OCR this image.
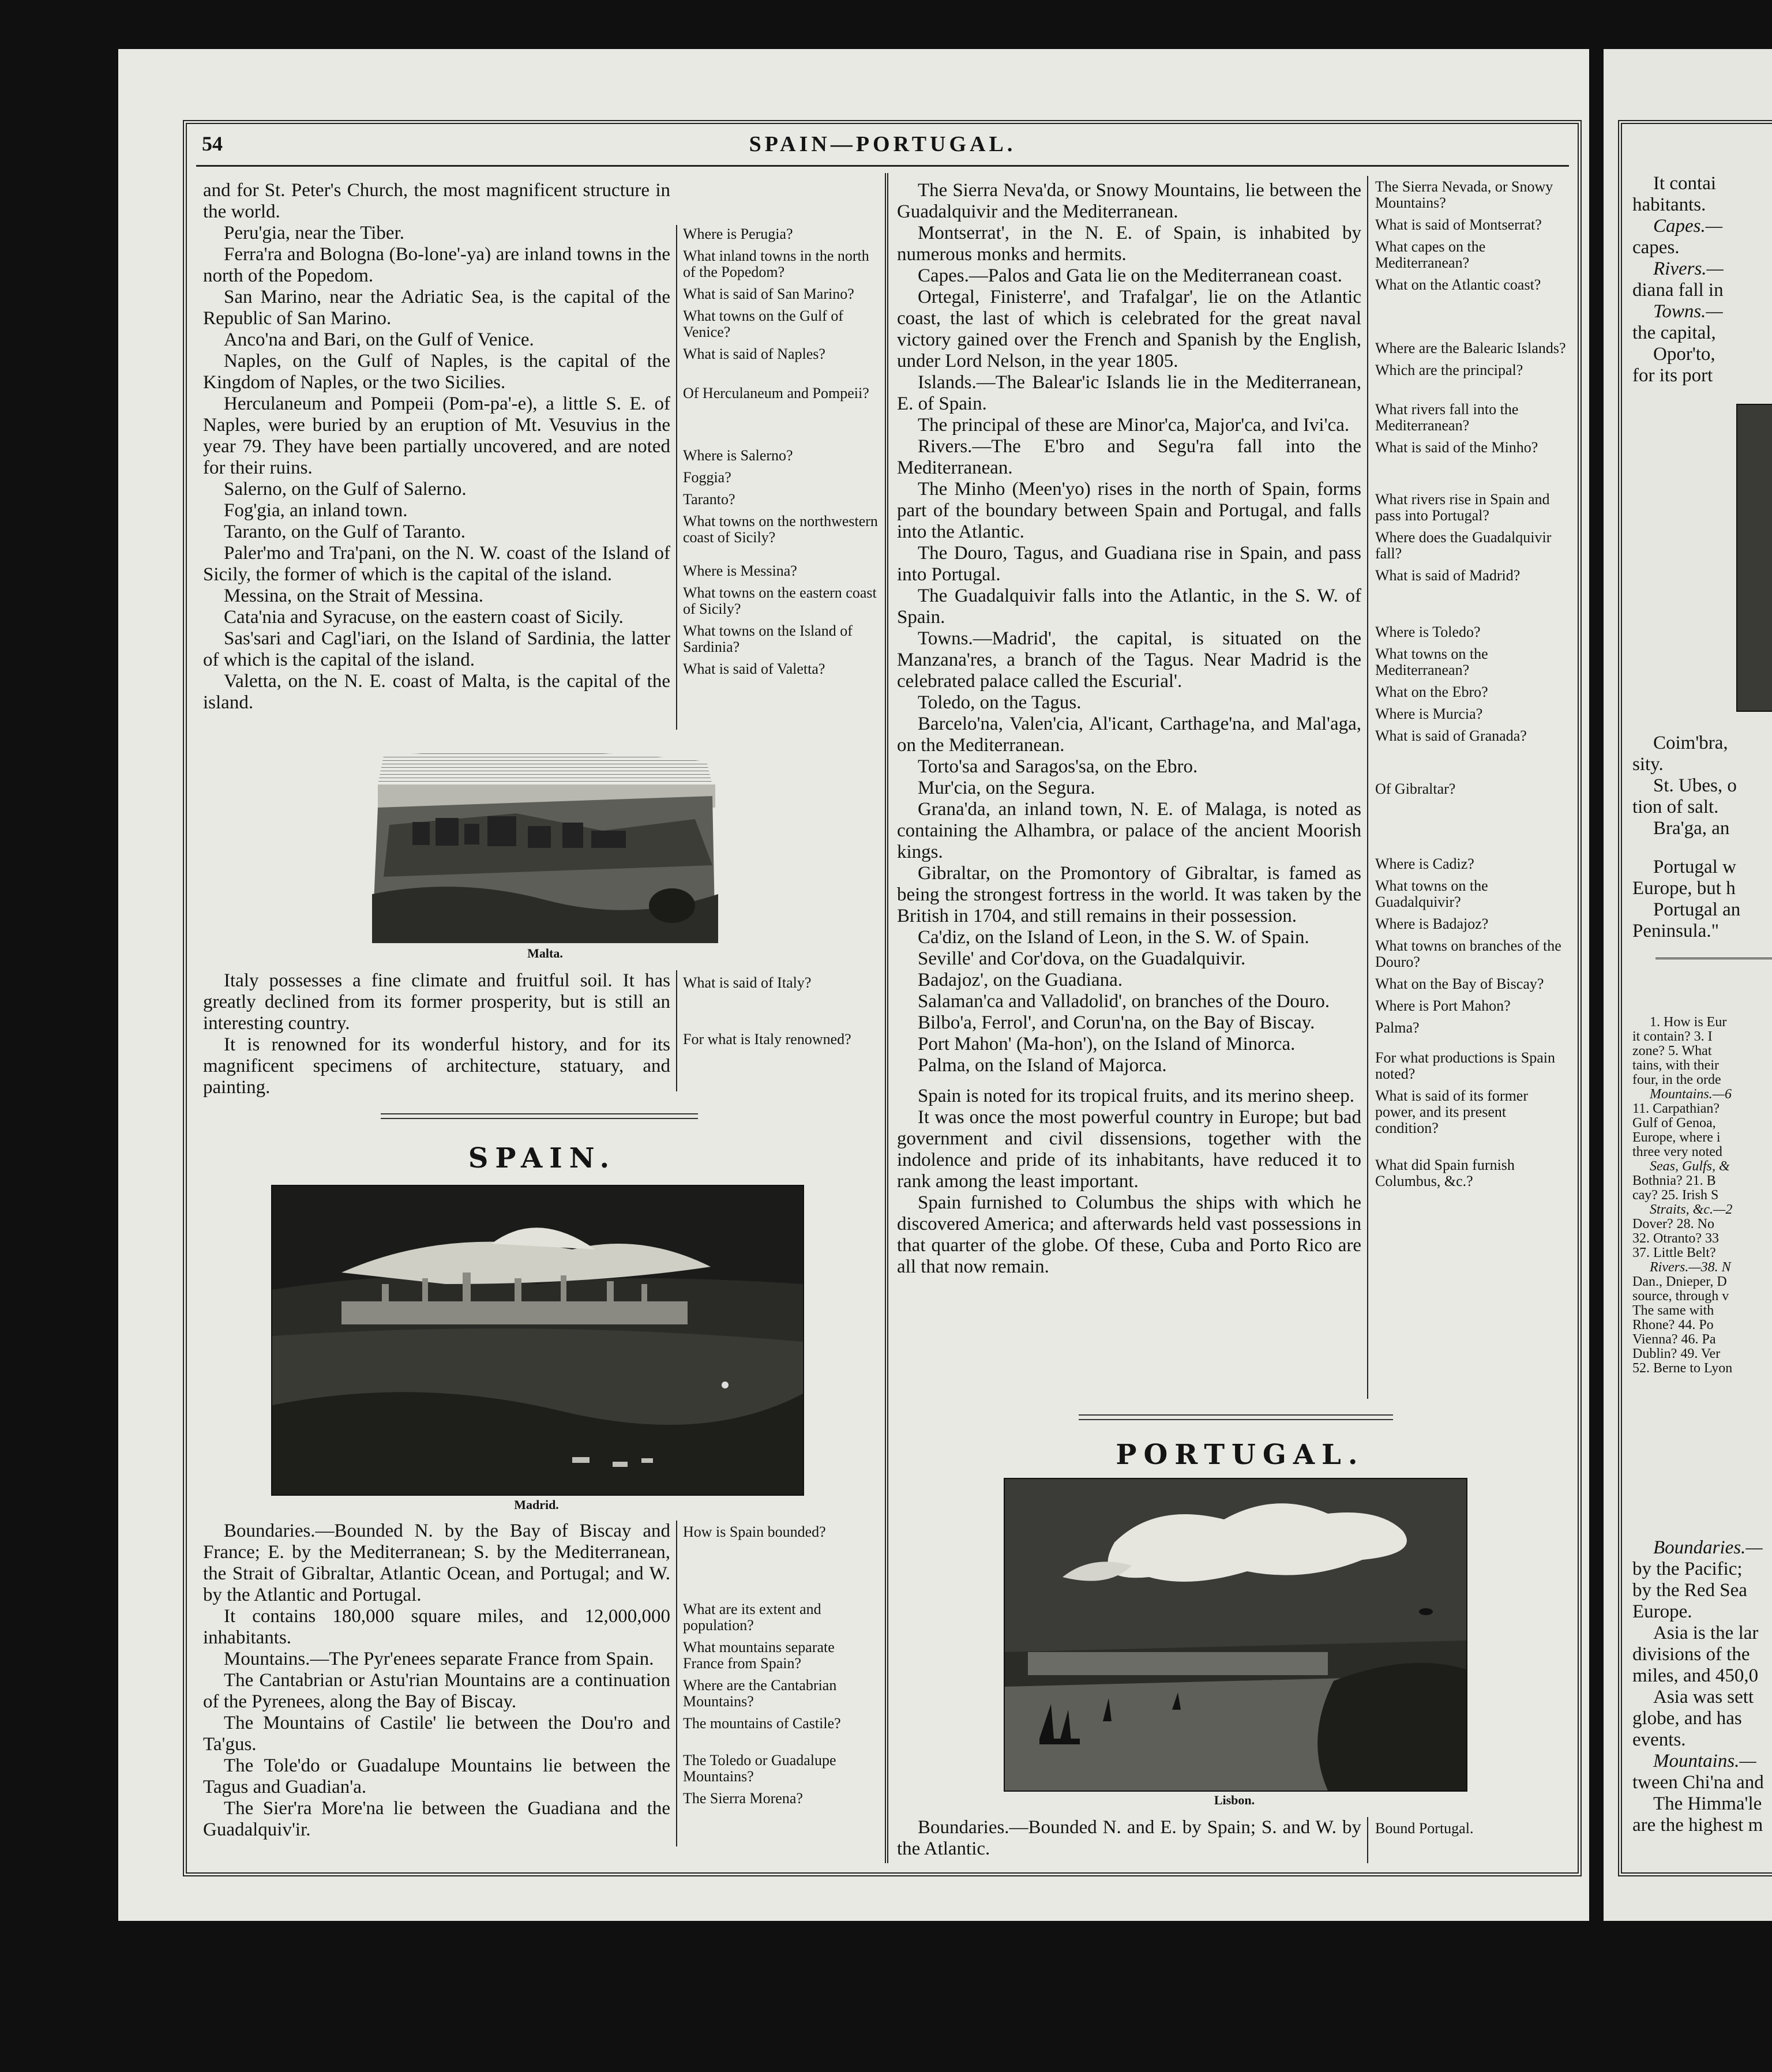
54	SPAIN—PORTUGAL.

and for St. Peter's Church, the most magnificent structure in the world.

Peru'gia, near the Tiber.

Ferra'ra and Bologna (Bo-lone'-ya) are inland towns in the north of the Popedom.

San Marino, near the Adriatic Sea, is the capital of the Republic of San Marino.

Anco'na and Bari, on the Gulf of Venice.

Naples, on the Gulf of Naples, is the capital of the Kingdom of Naples, or the two Sicilies.

Herculaneum and Pompeii (Pom-pa'-e), a little S. E. of Naples, were buried by an eruption of Mt. Vesuvius in the year 79. They have been partially uncovered, and are noted for their ruins.

Salerno, on the Gulf of Salerno.

Fog'gia, an inland town.

Taranto, on the Gulf of Taranto.

Paler'mo and Tra'pani, on the N. W. coast of the Island of Sicily, the former of which is the capital of the island.

Messina, on the Strait of Messina.

Cata'nia and Syracuse, on the eastern coast of Sicily.

Sas'sari and Cagl'iari, on the Island of Sardinia, the latter of which is the capital of the island.

Valetta, on the N. E. coast of Malta, is the capital of the island.

Where is Perugia?

What inland towns in the north of the Popedom?

What is said of San Marino?

What towns on the Gulf of Venice?

What is said of Naples?

Of Herculaneum and Pompeii?

Where is Salerno?

Foggia?

Taranto?

What towns on the northwestern coast of Sicily?

Where is Messina?

What towns on the eastern coast of Sicily?

What towns on the Island of Sardinia?

What is said of Valetta?

Malta.

Italy possesses a fine climate and fruitful soil. It has greatly declined from its former prosperity, but is still an interesting country.

It is renowned for its wonderful history, and for its magnificent specimens of architecture, statuary, and painting.

What is said of Italy?

For what is Italy renowned?

SPAIN.
Madrid.

Boundaries.—Bounded N. by the Bay of Biscay and France; E. by the Mediterranean; S. by the Mediterranean, the Strait of Gibraltar, Atlantic Ocean, and Portugal; and W. by the Atlantic and Portugal.

It contains 180,000 square miles, and 12,000,000 inhabitants.

Mountains.—The Pyr'enees separate France from Spain.

The Cantabrian or Astu'rian Mountains are a continuation of the Pyrenees, along the Bay of Biscay.

The Mountains of Castile' lie between the Dou'ro and Ta'gus.

The Tole'do or Guadalupe Mountains lie between the Tagus and Guadian'a.

The Sier'ra More'na lie between the Guadiana and the Guadalquiv'ir.

How is Spain bounded?

What are its extent and population?

What mountains separate France from Spain?

Where are the Cantabrian Mountains?

The mountains of Castile?

The Toledo or Guadalupe Mountains?

The Sierra Morena?

The Sierra Neva'da, or Snowy Mountains, lie between the Guadalquivir and the Mediterranean.

Montserrat', in the N. E. of Spain, is inhabited by numerous monks and hermits.

Capes.—Palos and Gata lie on the Mediterranean coast.

Ortegal, Finisterre', and Trafalgar', lie on the Atlantic coast, the last of which is celebrated for the great naval victory gained over the French and Spanish by the English, under Lord Nelson, in the year 1805.

Islands.—The Balear'ic Islands lie in the Mediterranean, E. of Spain.

The principal of these are Minor'ca, Major'ca, and Ivi'ca.

Rivers.—The E'bro and Segu'ra fall into the Mediterranean.

The Minho (Meen'yo) rises in the north of Spain, forms part of the boundary between Spain and Portugal, and falls into the Atlantic.

The Douro, Tagus, and Guadiana rise in Spain, and pass into Portugal.

The Guadalquivir falls into the Atlantic, in the S. W. of Spain.

Towns.—Madrid', the capital, is situated on the Manzana'res, a branch of the Tagus. Near Madrid is the celebrated palace called the Escurial'.

Toledo, on the Tagus.

Barcelo'na, Valen'cia, Al'icant, Carthage'na, and Mal'aga, on the Mediterranean.

Torto'sa and Saragos'sa, on the Ebro.

Mur'cia, on the Segura.

Grana'da, an inland town, N. E. of Malaga, is noted as containing the Alhambra, or palace of the ancient Moorish kings.

Gibraltar, on the Promontory of Gibraltar, is famed as being the strongest fortress in the world. It was taken by the British in 1704, and still remains in their possession.

Ca'diz, on the Island of Leon, in the S. W. of Spain.

Seville' and Cor'dova, on the Guadalquivir.

Badajoz', on the Guadiana.

Salaman'ca and Valladolid', on branches of the Douro.

Bilbo'a, Ferrol', and Corun'na, on the Bay of Biscay.

Port Mahon' (Ma-hon'), on the Island of Minorca.

Palma, on the Island of Majorca.

Spain is noted for its tropical fruits, and its merino sheep.

It was once the most powerful country in Europe; but bad government and civil dissensions, together with the indolence and pride of its inhabitants, have reduced it to rank among the least important.

Spain furnished to Columbus the ships with which he discovered America; and afterwards held vast possessions in that quarter of the globe. Of these, Cuba and Porto Rico are all that now remain.

The Sierra Nevada, or Snowy Mountains?

What is said of Montserrat?

What capes on the Mediterranean?

What on the Atlantic coast?

Where are the Balearic Islands?

Which are the principal?

What rivers fall into the Mediterranean?

What is said of the Minho?

What rivers rise in Spain and pass into Portugal?

Where does the Guadalquivir fall?

What is said of Madrid?

Where is Toledo?

What towns on the Mediterranean?

What on the Ebro?

Where is Murcia?

What is said of Granada?

Of Gibraltar?

Where is Cadiz?

What towns on the Guadalquivir?

Where is Badajoz?

What towns on branches of the Douro?

What on the Bay of Biscay?

Where is Port Mahon?

Palma?

For what productions is Spain noted?

What is said of its former power, and its present condition?

What did Spain furnish Columbus, &c.?

PORTUGAL.
Lisbon.

Boundaries.—Bounded N. and E. by Spain; S. and W. by the Atlantic.

Bound Portugal.

It contai

habitants.

Capes.—

capes.

Rivers.—

diana fall in

Towns.—

the capital,

Opor'to,

for its port

Coim'bra,

sity.

St. Ubes, o

tion of salt.

Bra'ga, an

Portugal w

Europe, but h

Portugal an

Peninsula."

1. How is Eur

it contain? 3. I

zone? 5. What

tains, with their

four, in the orde

Mountains.—6

11. Carpathian?

Gulf of Genoa,

Europe, where i

three very noted

Seas, Gulfs, &

Bothnia? 21. B

cay? 25. Irish S

Straits, &c.—2

Dover? 28. No

32. Otranto? 33

37. Little Belt?

Rivers.—38. N

Dan., Dnieper, D

source, through v

The same with

Rhone? 44. Po

Vienna? 46. Pa

Dublin? 49. Ver

52. Berne to Lyon

Boundaries.—

by the Pacific;

by the Red Sea

Europe.

Asia is the lar

divisions of the

miles, and 450,0

Asia was sett

globe, and has

events.

Mountains.—

tween Chi'na and

The Himma'le

are the highest m
